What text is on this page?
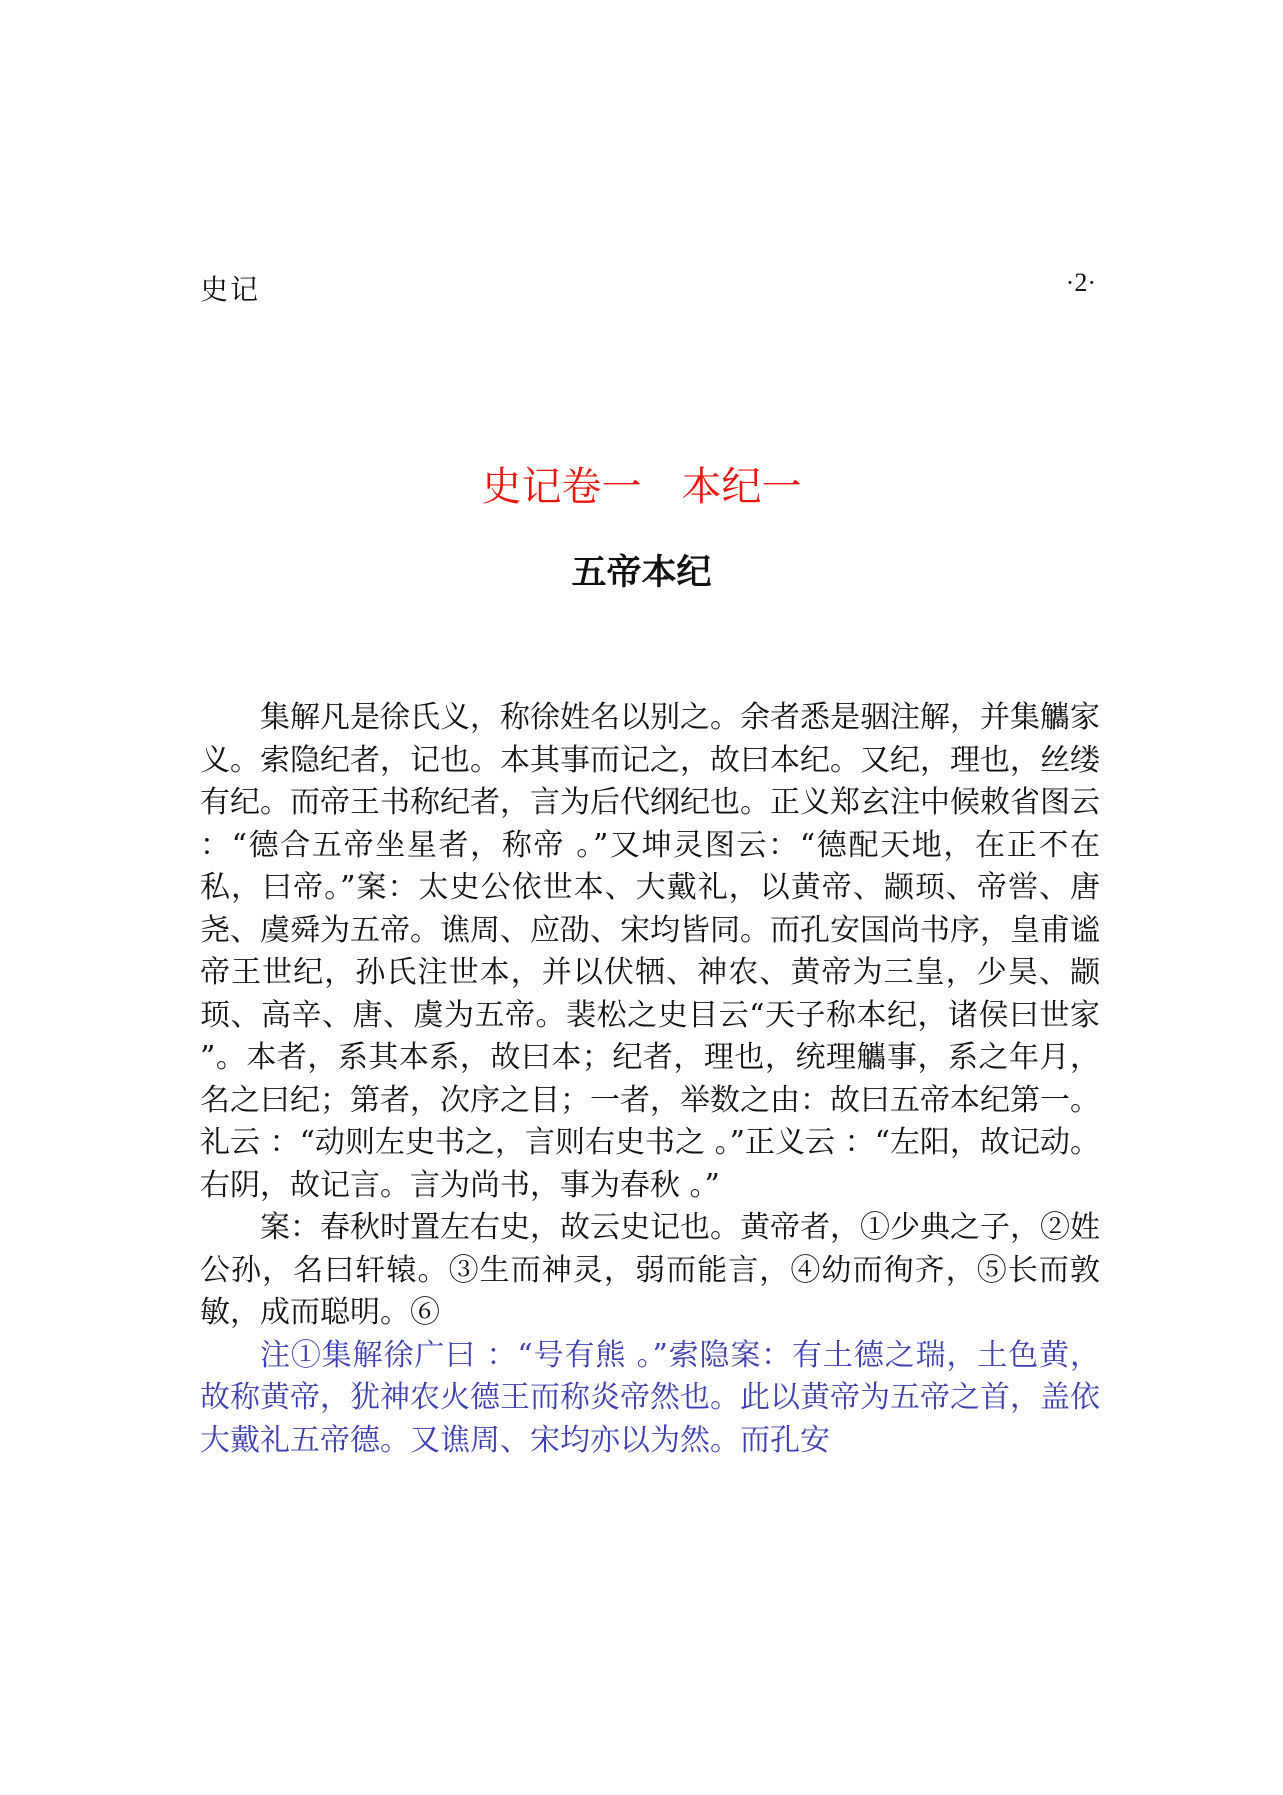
史记	·2·
史记卷一　本纪一
五帝本纪

集解凡是徐氏义，称徐姓名以别之。余者悉是骃注解，并集觿家义。索隐纪者，记也。本其事而记之，故曰本纪。又纪，理也，丝缕有纪。而帝王书称纪者，言为后代纲纪也。正义郑玄注中候敕省图云 ：“德合五帝坐星者，称帝 。”又坤灵图云：“德配天地，在正不在私，曰帝。”案：太史公依世本、大戴礼，以黄帝、颛顼、帝喾、唐尧、虞舜为五帝。谯周、应劭、宋均皆同。而孔安国尚书序，皇甫谧帝王世纪，孙氏注世本，并以伏牺、神农、黄帝为三皇，少昊、颛顼、高辛、唐、虞为五帝。裴松之史目云“天子称本纪，诸侯曰世家 ”。本者，系其本系，故曰本；纪者，理也，统理觿事，系之年月，名之曰纪；第者，次序之目；一者，举数之由：故曰五帝本纪第一。礼云 ：“动则左史书之，言则右史书之 。”正义云 ：“左阳，故记动。右阴，故记言。言为尚书，事为春秋 。”

案：春秋时置左右史，故云史记也。黄帝者，①少典之子，②姓公孙，名曰轩辕。③生而神灵，弱而能言，④幼而徇齐，⑤长而敦敏，成而聪明。⑥

注①集解徐广曰 ：“号有熊 。”索隐案：有土德之瑞，土色黄，故称黄帝，犹神农火德王而称炎帝然也。此以黄帝为五帝之首，盖依大戴礼五帝德。又谯周、宋均亦以为然。而孔安
